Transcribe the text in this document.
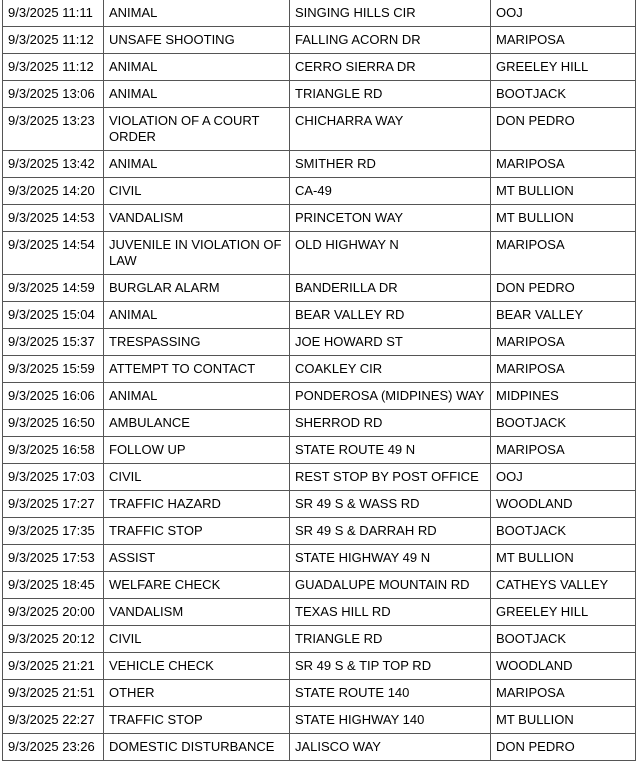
9/3/2025 11:11	ANIMAL	SINGING HILLS CIR	OOJ
9/3/2025 11:12	UNSAFE SHOOTING	FALLING ACORN DR	MARIPOSA
9/3/2025 11:12	ANIMAL	CERRO SIERRA DR	GREELEY HILL
9/3/2025 13:06	ANIMAL	TRIANGLE RD	BOOTJACK
9/3/2025 13:23	VIOLATION OF A COURT ORDER	CHICHARRA WAY	DON PEDRO
9/3/2025 13:42	ANIMAL	SMITHER RD	MARIPOSA
9/3/2025 14:20	CIVIL	CA-49	MT BULLION
9/3/2025 14:53	VANDALISM	PRINCETON WAY	MT BULLION
9/3/2025 14:54	JUVENILE IN VIOLATION OF LAW	OLD HIGHWAY N	MARIPOSA
9/3/2025 14:59	BURGLAR ALARM	BANDERILLA DR	DON PEDRO
9/3/2025 15:04	ANIMAL	BEAR VALLEY RD	BEAR VALLEY
9/3/2025 15:37	TRESPASSING	JOE HOWARD ST	MARIPOSA
9/3/2025 15:59	ATTEMPT TO CONTACT	COAKLEY CIR	MARIPOSA
9/3/2025 16:06	ANIMAL	PONDEROSA (MIDPINES) WAY	MIDPINES
9/3/2025 16:50	AMBULANCE	SHERROD RD	BOOTJACK
9/3/2025 16:58	FOLLOW UP	STATE ROUTE 49 N	MARIPOSA
9/3/2025 17:03	CIVIL	REST STOP BY POST OFFICE	OOJ
9/3/2025 17:27	TRAFFIC HAZARD	SR 49 S & WASS RD	WOODLAND
9/3/2025 17:35	TRAFFIC STOP	SR 49 S & DARRAH RD	BOOTJACK
9/3/2025 17:53	ASSIST	STATE HIGHWAY 49 N	MT BULLION
9/3/2025 18:45	WELFARE CHECK	GUADALUPE MOUNTAIN RD	CATHEYS VALLEY
9/3/2025 20:00	VANDALISM	TEXAS HILL RD	GREELEY HILL
9/3/2025 20:12	CIVIL	TRIANGLE RD	BOOTJACK
9/3/2025 21:21	VEHICLE CHECK	SR 49 S & TIP TOP RD	WOODLAND
9/3/2025 21:51	OTHER	STATE ROUTE 140	MARIPOSA
9/3/2025 22:27	TRAFFIC STOP	STATE HIGHWAY 140	MT BULLION
9/3/2025 23:26	DOMESTIC DISTURBANCE	JALISCO WAY	DON PEDRO
